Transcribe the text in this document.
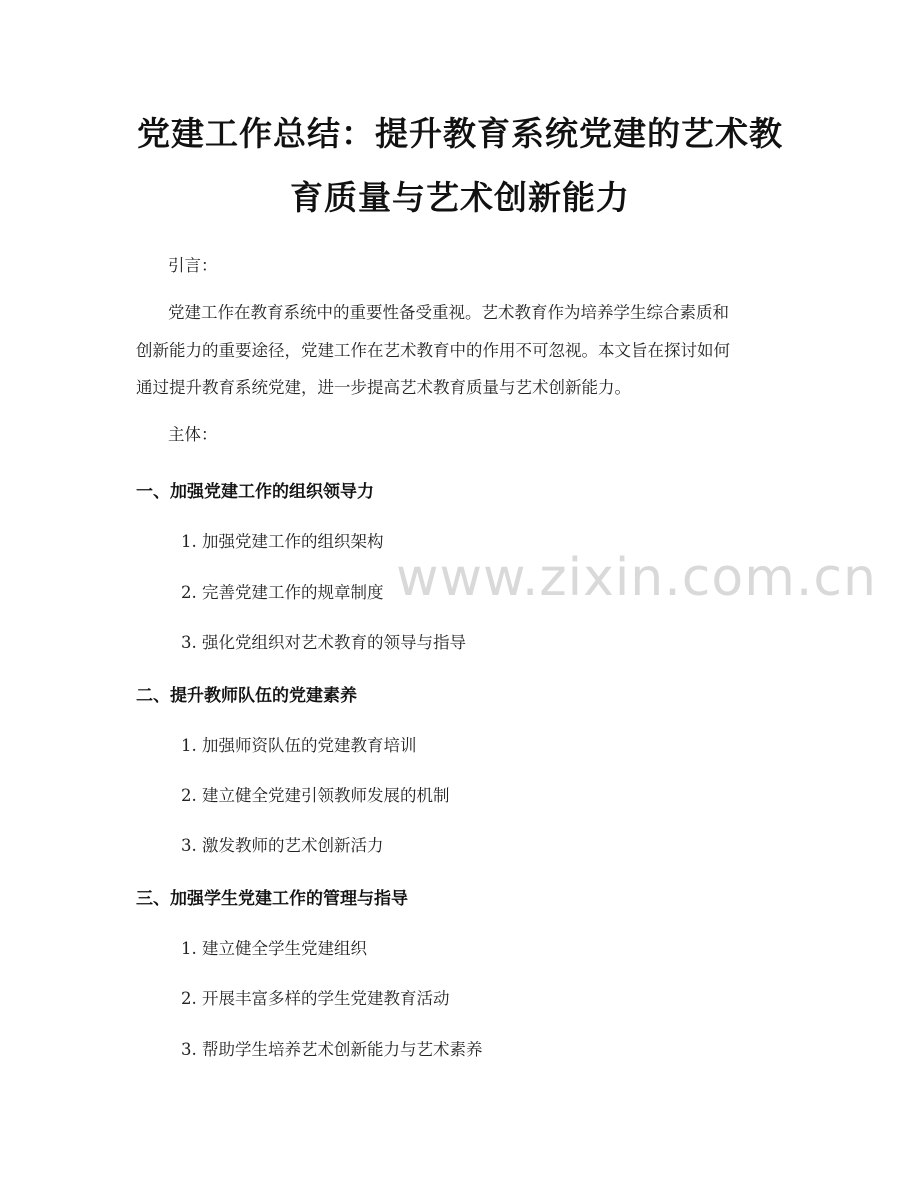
党建工作总结：提升教育系统党建的艺术教
育质量与艺术创新能力
引言：
党建工作在教育系统中的重要性备受重视。艺术教育作为培养学生综合素质和
创新能力的重要途径，党建工作在艺术教育中的作用不可忽视。本文旨在探讨如何
通过提升教育系统党建，进一步提高艺术教育质量与艺术创新能力。
主体：
一、加强党建工作的组织领导力
1. 加强党建工作的组织架构
2. 完善党建工作的规章制度
3. 强化党组织对艺术教育的领导与指导
二、提升教师队伍的党建素养
1. 加强师资队伍的党建教育培训
2. 建立健全党建引领教师发展的机制
3. 激发教师的艺术创新活力
三、加强学生党建工作的管理与指导
1. 建立健全学生党建组织
2. 开展丰富多样的学生党建教育活动
3. 帮助学生培养艺术创新能力与艺术素养
www.zixin.com.cn
